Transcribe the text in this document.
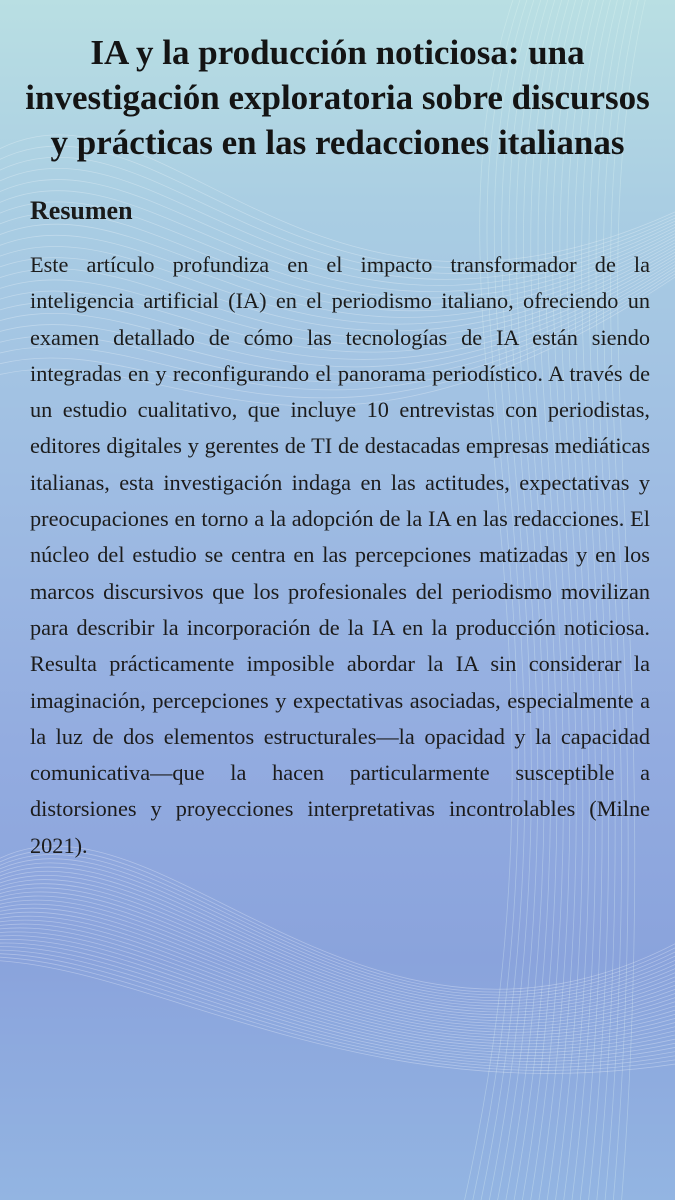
IA y la producción noticiosa: una investigación exploratoria sobre discursos y prácticas en las redacciones italianas
Resumen

Este artículo profundiza en el impacto transformador de la inteligencia artificial (IA) en el periodismo italiano, ofreciendo un examen detallado de cómo las tecnologías de IA están siendo integradas en y reconfigurando el panorama periodístico. A través de un estudio cualitativo, que incluye 10 entrevistas con periodistas, editores digitales y gerentes de TI de destacadas empresas mediáticas italianas, esta investigación indaga en las actitudes, expectativas y preocupaciones en torno a la adopción de la IA en las redacciones. El núcleo del estudio se centra en las percepciones matizadas y en los marcos discursivos que los profesionales del periodismo movilizan para describir la incorporación de la IA en la producción noticiosa. Resulta prácticamente imposible abordar la IA sin considerar la imaginación, percepciones y expectativas asociadas, especialmente a la luz de dos elementos estructurales—la opacidad y la capacidad comunicativa—que la hacen particularmente susceptible a distorsiones y proyecciones interpretativas incontrolables (Milne 2021).
